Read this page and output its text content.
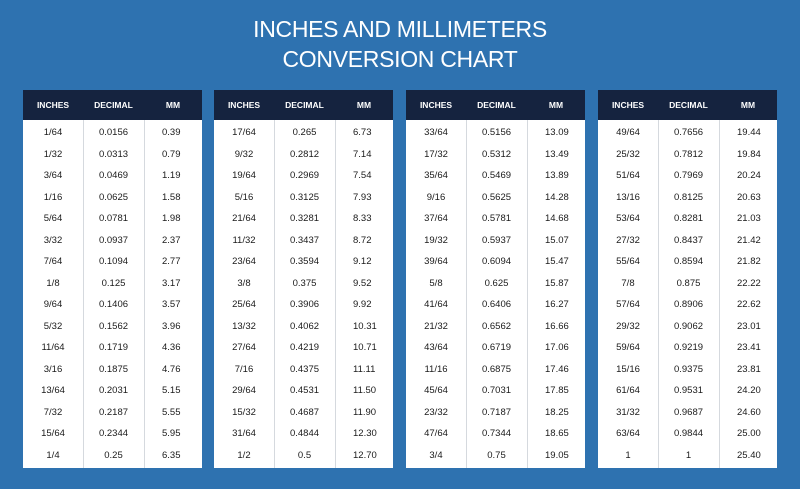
INCHES AND MILLIMETERS
CONVERSION CHART
INCHES	DECIMAL	MM
1/64	0.0156	0.39
1/32	0.0313	0.79
3/64	0.0469	1.19
1/16	0.0625	1.58
5/64	0.0781	1.98
3/32	0.0937	2.37
7/64	0.1094	2.77
1/8	0.125	3.17
9/64	0.1406	3.57
5/32	0.1562	3.96
11/64	0.1719	4.36
3/16	0.1875	4.76
13/64	0.2031	5.15
7/32	0.2187	5.55
15/64	0.2344	5.95
1/4	0.25	6.35
INCHES	DECIMAL	MM
17/64	0.265	6.73
9/32	0.2812	7.14
19/64	0.2969	7.54
5/16	0.3125	7.93
21/64	0.3281	8.33
11/32	0.3437	8.72
23/64	0.3594	9.12
3/8	0.375	9.52
25/64	0.3906	9.92
13/32	0.4062	10.31
27/64	0.4219	10.71
7/16	0.4375	11.11
29/64	0.4531	11.50
15/32	0.4687	11.90
31/64	0.4844	12.30
1/2	0.5	12.70
INCHES	DECIMAL	MM
33/64	0.5156	13.09
17/32	0.5312	13.49
35/64	0.5469	13.89
9/16	0.5625	14.28
37/64	0.5781	14.68
19/32	0.5937	15.07
39/64	0.6094	15.47
5/8	0.625	15.87
41/64	0.6406	16.27
21/32	0.6562	16.66
43/64	0.6719	17.06
11/16	0.6875	17.46
45/64	0.7031	17.85
23/32	0.7187	18.25
47/64	0.7344	18.65
3/4	0.75	19.05
INCHES	DECIMAL	MM
49/64	0.7656	19.44
25/32	0.7812	19.84
51/64	0.7969	20.24
13/16	0.8125	20.63
53/64	0.8281	21.03
27/32	0.8437	21.42
55/64	0.8594	21.82
7/8	0.875	22.22
57/64	0.8906	22.62
29/32	0.9062	23.01
59/64	0.9219	23.41
15/16	0.9375	23.81
61/64	0.9531	24.20
31/32	0.9687	24.60
63/64	0.9844	25.00
1	1	25.40
